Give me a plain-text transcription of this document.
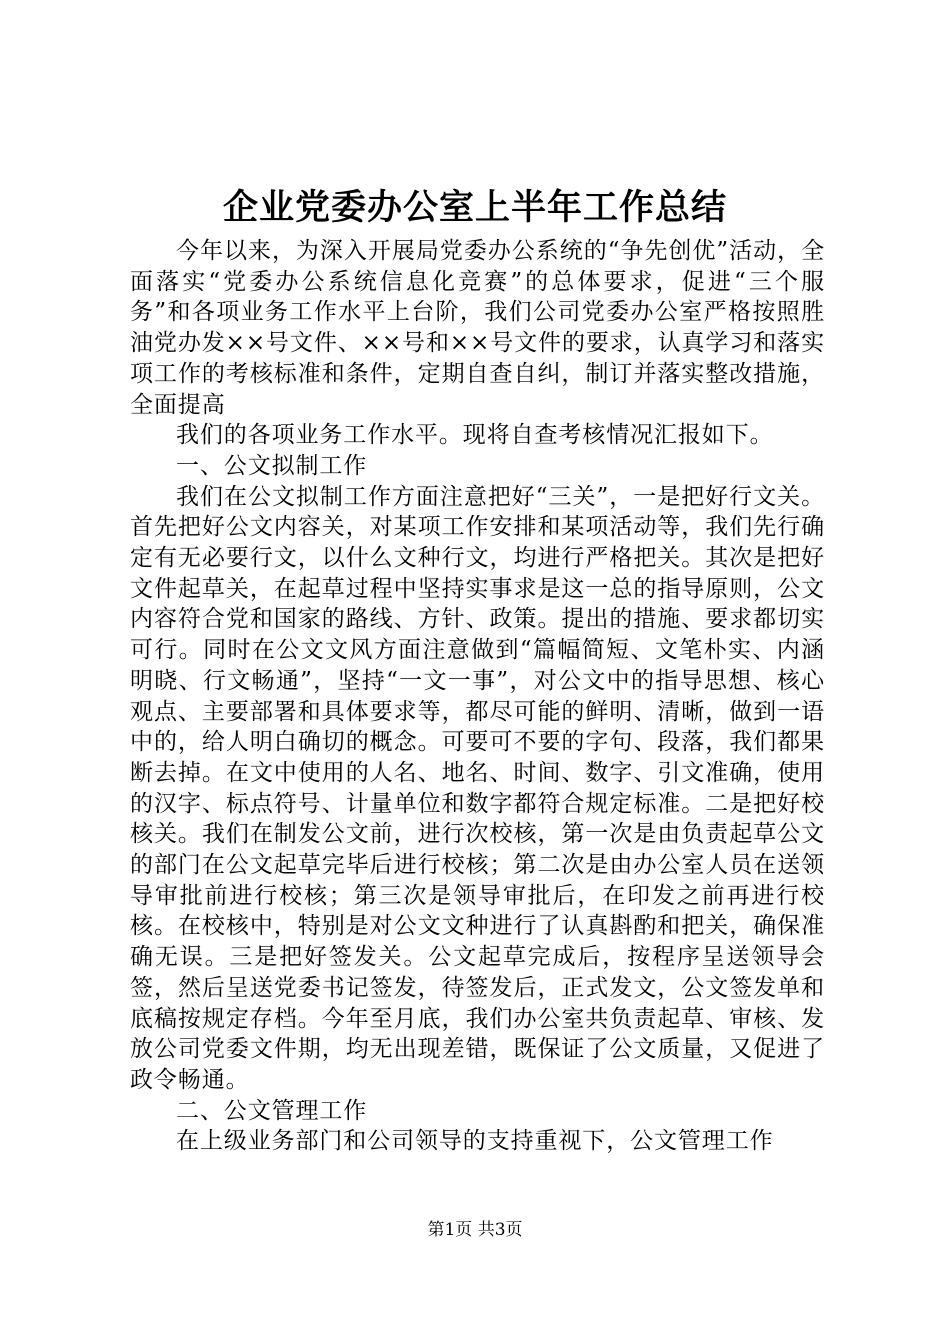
企业党委办公室上半年工作总结

今年以来，为深入开展局党委办公系统的“争先创优”活动，全面落实“党委办公系统信息化竞赛”的总体要求，促进“三个服务”和各项业务工作水平上台阶，我们公司党委办公室严格按照胜油党办发××号文件、××号和××号文件的要求，认真学习和落实项工作的考核标准和条件，定期自查自纠，制订并落实整改措施，全面提高

我们的各项业务工作水平。现将自查考核情况汇报如下。

一、公文拟制工作

我们在公文拟制工作方面注意把好“三关”，一是把好行文关。首先把好公文内容关，对某项工作安排和某项活动等，我们先行确定有无必要行文，以什么文种行文，均进行严格把关。其次是把好文件起草关，在起草过程中坚持实事求是这一总的指导原则，公文内容符合党和国家的路线、方针、政策。提出的措施、要求都切实可行。同时在公文文风方面注意做到“篇幅简短、文笔朴实、内涵明晓、行文畅通”，坚持“一文一事”，对公文中的指导思想、核心观点、主要部署和具体要求等，都尽可能的鲜明、清晰，做到一语中的，给人明白确切的概念。可要可不要的字句、段落，我们都果断去掉。在文中使用的人名、地名、时间、数字、引文准确，使用的汉字、标点符号、计量单位和数字都符合规定标准。二是把好校核关。我们在制发公文前，进行次校核，第一次是由负责起草公文的部门在公文起草完毕后进行校核；第二次是由办公室人员在送领导审批前进行校核；第三次是领导审批后，在印发之前再进行校核。在校核中，特别是对公文文种进行了认真斟酌和把关，确保准确无误。三是把好签发关。公文起草完成后，按程序呈送领导会签，然后呈送党委书记签发，待签发后，正式发文，公文签发单和底稿按规定存档。今年至月底，我们办公室共负责起草、审核、发放公司党委文件期，均无出现差错，既保证了公文质量，又促进了政令畅通。

二、公文管理工作

在上级业务部门和公司领导的支持重视下，公文管理工作

第1页 共3页
